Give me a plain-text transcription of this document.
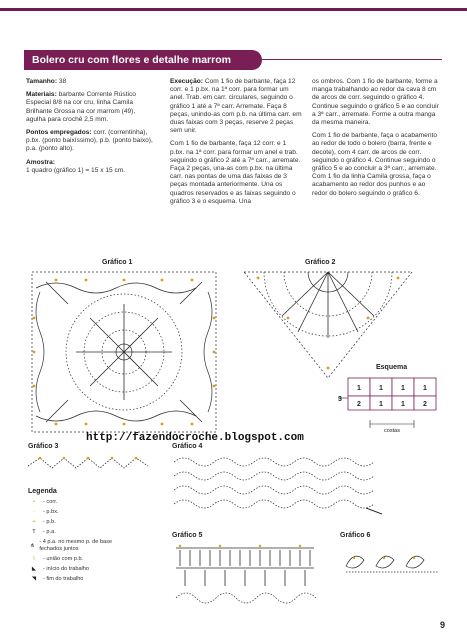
Bolero cru com flores e detalhe marrom

Tamanho: 38

Materiais: barbante Corrente Rústico Especial 8/8 na cor cru, linha Camila Brilhante Grossa na cor marrom (49), agulha para crochê 2,5 mm.

Pontos empregados: corr. (correntinha), p.bx. (ponto baixíssimo), p.b. (ponto baixo), p.a. (ponto alto).

Amostra:
1 quadro (gráfico 1) = 15 x 15 cm.

Execução: Com 1 fio de barbante, faça 12 corr. e 1 p.bx. na 1ª corr. para formar um anel. Trab. em carr. circulares, seguindo o gráfico 1 até a 7ª carr. Arremate. Faça 8 peças, unindo-as com p.b. na última carr. em duas faixas com 3 peças, reserve 2 peças sem unir.

Com 1 fio de barbante, faça 12 corr. e 1 p.bx. na 1ª corr. para formar um anel e trab. seguindo o gráfico 2 até a 7ª carr., arremate. Faça 2 peças, una-as com p.bx. na última carr. nas pontas de uma das faixas de 3 peças montada anteriormente. Una os quadros reservados e as faixas seguindo o gráfico 3 e o esquema. Una

os ombros. Com 1 fio de barbante, forme a manga trabalhando ao redor da cava 8 cm de arcos de corr. seguindo o gráfico 4. Continue seguindo o gráfico 5 e ao concluir a 3ª carr., arremate. Forme a outra manga da mesma maneira.

Com 1 fio de barbante, faça o acabamento ao redor de todo o bolero (barra, frente e decote), com 4 carr. de arcos de corr. seguindo o gráfico 4. Continue seguindo o gráfico 5 e ao concluir a 3ª carr., arremate. Com 1 fio da linha Camila grossa, faça o acabamento ao redor dos punhos e ao redor do bolero seguindo o gráfico 6.

Gráfico 1	Gráfico 2
Esquema
Gráfico 3	Gráfico 4
Gráfico 5	Gráfico 6
1	1	1	1
2	1	1	2
3
costas
http://fazendocroche.blogspot.com
Legenda
•	- corr.
·	- p.bx.
+	- p.b.
T	- p.a.
⋔
- 4 p.a. no mesmo p. de base fechados juntos
⌇	- união com p.b.
◣	- início do trabalho
◥	- fim do trabalho
9
